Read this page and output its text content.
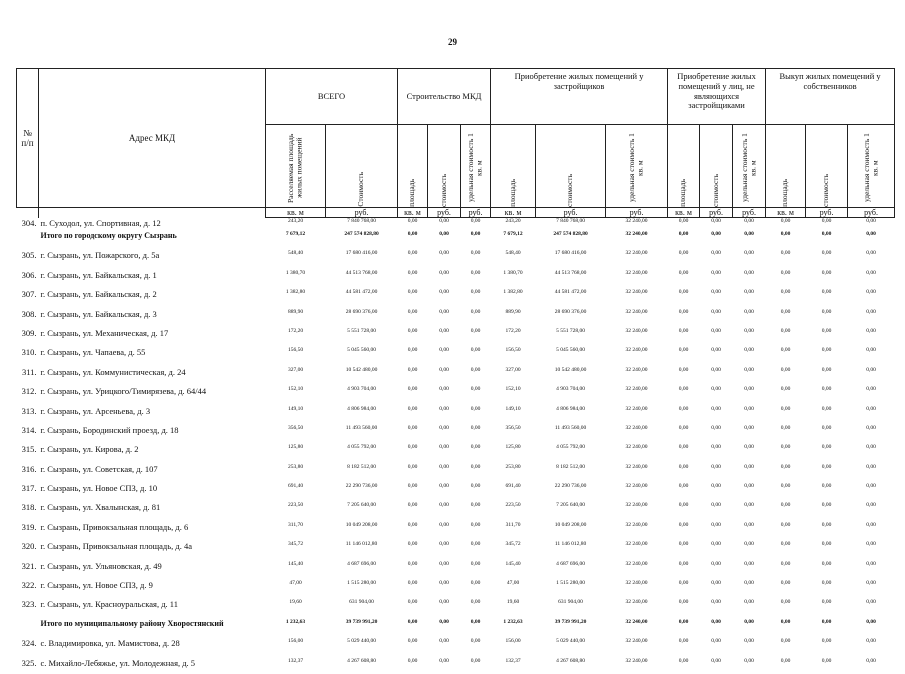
29
№
п/п	Адрес МКД	ВСЕГО		Строительство МКД			Приобретение жилых помещений у застройщиков			Приобретение жилых помещений у лиц, не являющихся застройщиками			Выкуп жилых помещений у собственников		

		Расселяемая площадь жилых помещений	Стоимость	площадь	стоимость	удельная стоимость 1 кв. м	площадь	стоимость	удельная стоимость 1 кв. м	площадь	стоимость	удельная стоимость 1 кв. м	площадь	стоимость	удельная стоимость 1 кв. м

		кв. м	руб.	кв. м	руб.	руб.	кв. м	руб.	руб.	кв. м	руб.	руб.	кв. м	руб.	руб.
304.	п. Суходол, ул. Спортивная, д. 12	243,20	7 840 768,00	0,00	0,00	0,00	243,20	7 840 768,00	32 240,00	0,00	0,00	0,00	0,00	0,00	0,00
	Итого по городскому округу Сызрань	7 679,12	247 574 828,80	0,00	0,00	0,00	7 679,12	247 574 828,80	32 240,00	0,00	0,00	0,00	0,00	0,00	0,00
305.	г. Сызрань, ул. Пожарского, д. 5а	548,40	17 680 416,00	0,00	0,00	0,00	548,40	17 680 416,00	32 240,00	0,00	0,00	0,00	0,00	0,00	0,00
306.	г. Сызрань, ул. Байкальская, д. 1	1 380,70	44 513 768,00	0,00	0,00	0,00	1 380,70	44 513 768,00	32 240,00	0,00	0,00	0,00	0,00	0,00	0,00
307.	г. Сызрань, ул. Байкальская, д. 2	1 382,80	44 581 472,00	0,00	0,00	0,00	1 382,80	44 581 472,00	32 240,00	0,00	0,00	0,00	0,00	0,00	0,00
308.	г. Сызрань, ул. Байкальская, д. 3	889,90	28 690 376,00	0,00	0,00	0,00	889,90	28 690 376,00	32 240,00	0,00	0,00	0,00	0,00	0,00	0,00
309.	г. Сызрань, ул. Механическая, д. 17	172,20	5 551 728,00	0,00	0,00	0,00	172,20	5 551 728,00	32 240,00	0,00	0,00	0,00	0,00	0,00	0,00
310.	г. Сызрань, ул. Чапаева, д. 55	156,50	5 045 560,00	0,00	0,00	0,00	156,50	5 045 560,00	32 240,00	0,00	0,00	0,00	0,00	0,00	0,00
311.	г. Сызрань, ул. Коммунистическая, д. 24	327,00	10 542 480,00	0,00	0,00	0,00	327,00	10 542 480,00	32 240,00	0,00	0,00	0,00	0,00	0,00	0,00
312.	г. Сызрань, ул. Урицкого/Тимирязева, д. 64/44	152,10	4 903 704,00	0,00	0,00	0,00	152,10	4 903 704,00	32 240,00	0,00	0,00	0,00	0,00	0,00	0,00
313.	г. Сызрань, ул. Арсеньева, д. 3	149,10	4 806 984,00	0,00	0,00	0,00	149,10	4 806 984,00	32 240,00	0,00	0,00	0,00	0,00	0,00	0,00
314.	г. Сызрань, Бородинский проезд, д. 18	356,50	11 493 560,00	0,00	0,00	0,00	356,50	11 493 560,00	32 240,00	0,00	0,00	0,00	0,00	0,00	0,00
315.	г. Сызрань, ул. Кирова, д. 2	125,80	4 055 792,00	0,00	0,00	0,00	125,80	4 055 792,00	32 240,00	0,00	0,00	0,00	0,00	0,00	0,00
316.	г. Сызрань, ул. Советская, д. 107	253,80	8 182 512,00	0,00	0,00	0,00	253,80	8 182 512,00	32 240,00	0,00	0,00	0,00	0,00	0,00	0,00
317.	г. Сызрань, ул. Новое СПЗ, д. 10	691,40	22 290 736,00	0,00	0,00	0,00	691,40	22 290 736,00	32 240,00	0,00	0,00	0,00	0,00	0,00	0,00
318.	г. Сызрань, ул. Хвалынская, д. 81	223,50	7 205 640,00	0,00	0,00	0,00	223,50	7 205 640,00	32 240,00	0,00	0,00	0,00	0,00	0,00	0,00
319.	г. Сызрань, Привокзальная площадь, д. 6	311,70	10 049 208,00	0,00	0,00	0,00	311,70	10 049 208,00	32 240,00	0,00	0,00	0,00	0,00	0,00	0,00
320.	г. Сызрань, Привокзальная площадь, д. 4а	345,72	11 146 012,80	0,00	0,00	0,00	345,72	11 146 012,80	32 240,00	0,00	0,00	0,00	0,00	0,00	0,00
321.	г. Сызрань, ул. Ульяновская, д. 49	145,40	4 687 696,00	0,00	0,00	0,00	145,40	4 687 696,00	32 240,00	0,00	0,00	0,00	0,00	0,00	0,00
322.	г. Сызрань, ул. Новое СПЗ, д. 9	47,00	1 515 280,00	0,00	0,00	0,00	47,00	1 515 280,00	32 240,00	0,00	0,00	0,00	0,00	0,00	0,00
323.	г. Сызрань, ул. Красноуральская, д. 11	19,60	631 904,00	0,00	0,00	0,00	19,60	631 904,00	32 240,00	0,00	0,00	0,00	0,00	0,00	0,00
	Итого по муниципальному району Хворостянский	1 232,63	39 739 991,20	0,00	0,00	0,00	1 232,63	39 739 991,20	32 240,00	0,00	0,00	0,00	0,00	0,00	0,00
324.	с. Владимировка, ул. Мамистова, д. 28	156,00	5 029 440,00	0,00	0,00	0,00	156,00	5 029 440,00	32 240,00	0,00	0,00	0,00	0,00	0,00	0,00
325.	с. Михайло-Лебяжье, ул. Молодежная, д. 5	132,37	4 267 608,80	0,00	0,00	0,00	132,37	4 267 608,80	32 240,00	0,00	0,00	0,00	0,00	0,00	0,00
